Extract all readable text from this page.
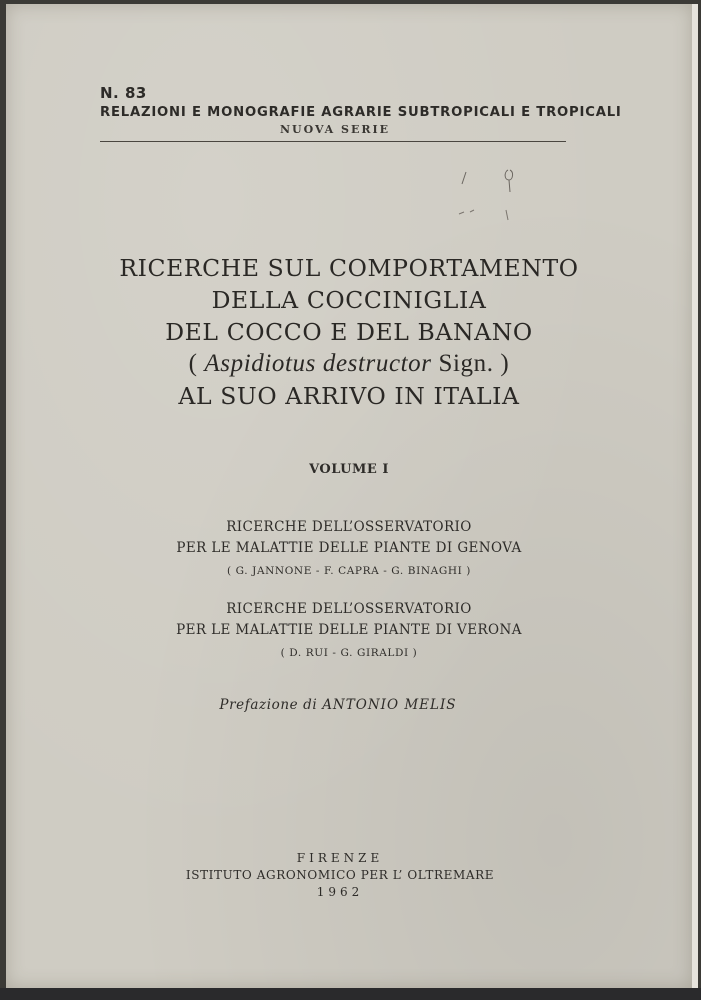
N. 83
RELAZIONI E MONOGRAFIE AGRARIE SUBTROPICALI E TROPICALI
NUOVA SERIE
RICERCHE SUL COMPORTAMENTO
DELLA COCCINIGLIA
DEL COCCO E DEL BANANO
( Aspidiotus destructor Sign. )
AL SUO ARRIVO IN ITALIA
VOLUME I
RICERCHE DELL’OSSERVATORIO
PER LE MALATTIE DELLE PIANTE DI GENOVA
( G. JANNONE - F. CAPRA - G. BINAGHI )
RICERCHE DELL’OSSERVATORIO
PER LE MALATTIE DELLE PIANTE DI VERONA
( D. RUI - G. GIRALDI )
Prefazione di ANTONIO MELIS
FIRENZE
ISTITUTO AGRONOMICO PER L’ OLTREMARE
1962
